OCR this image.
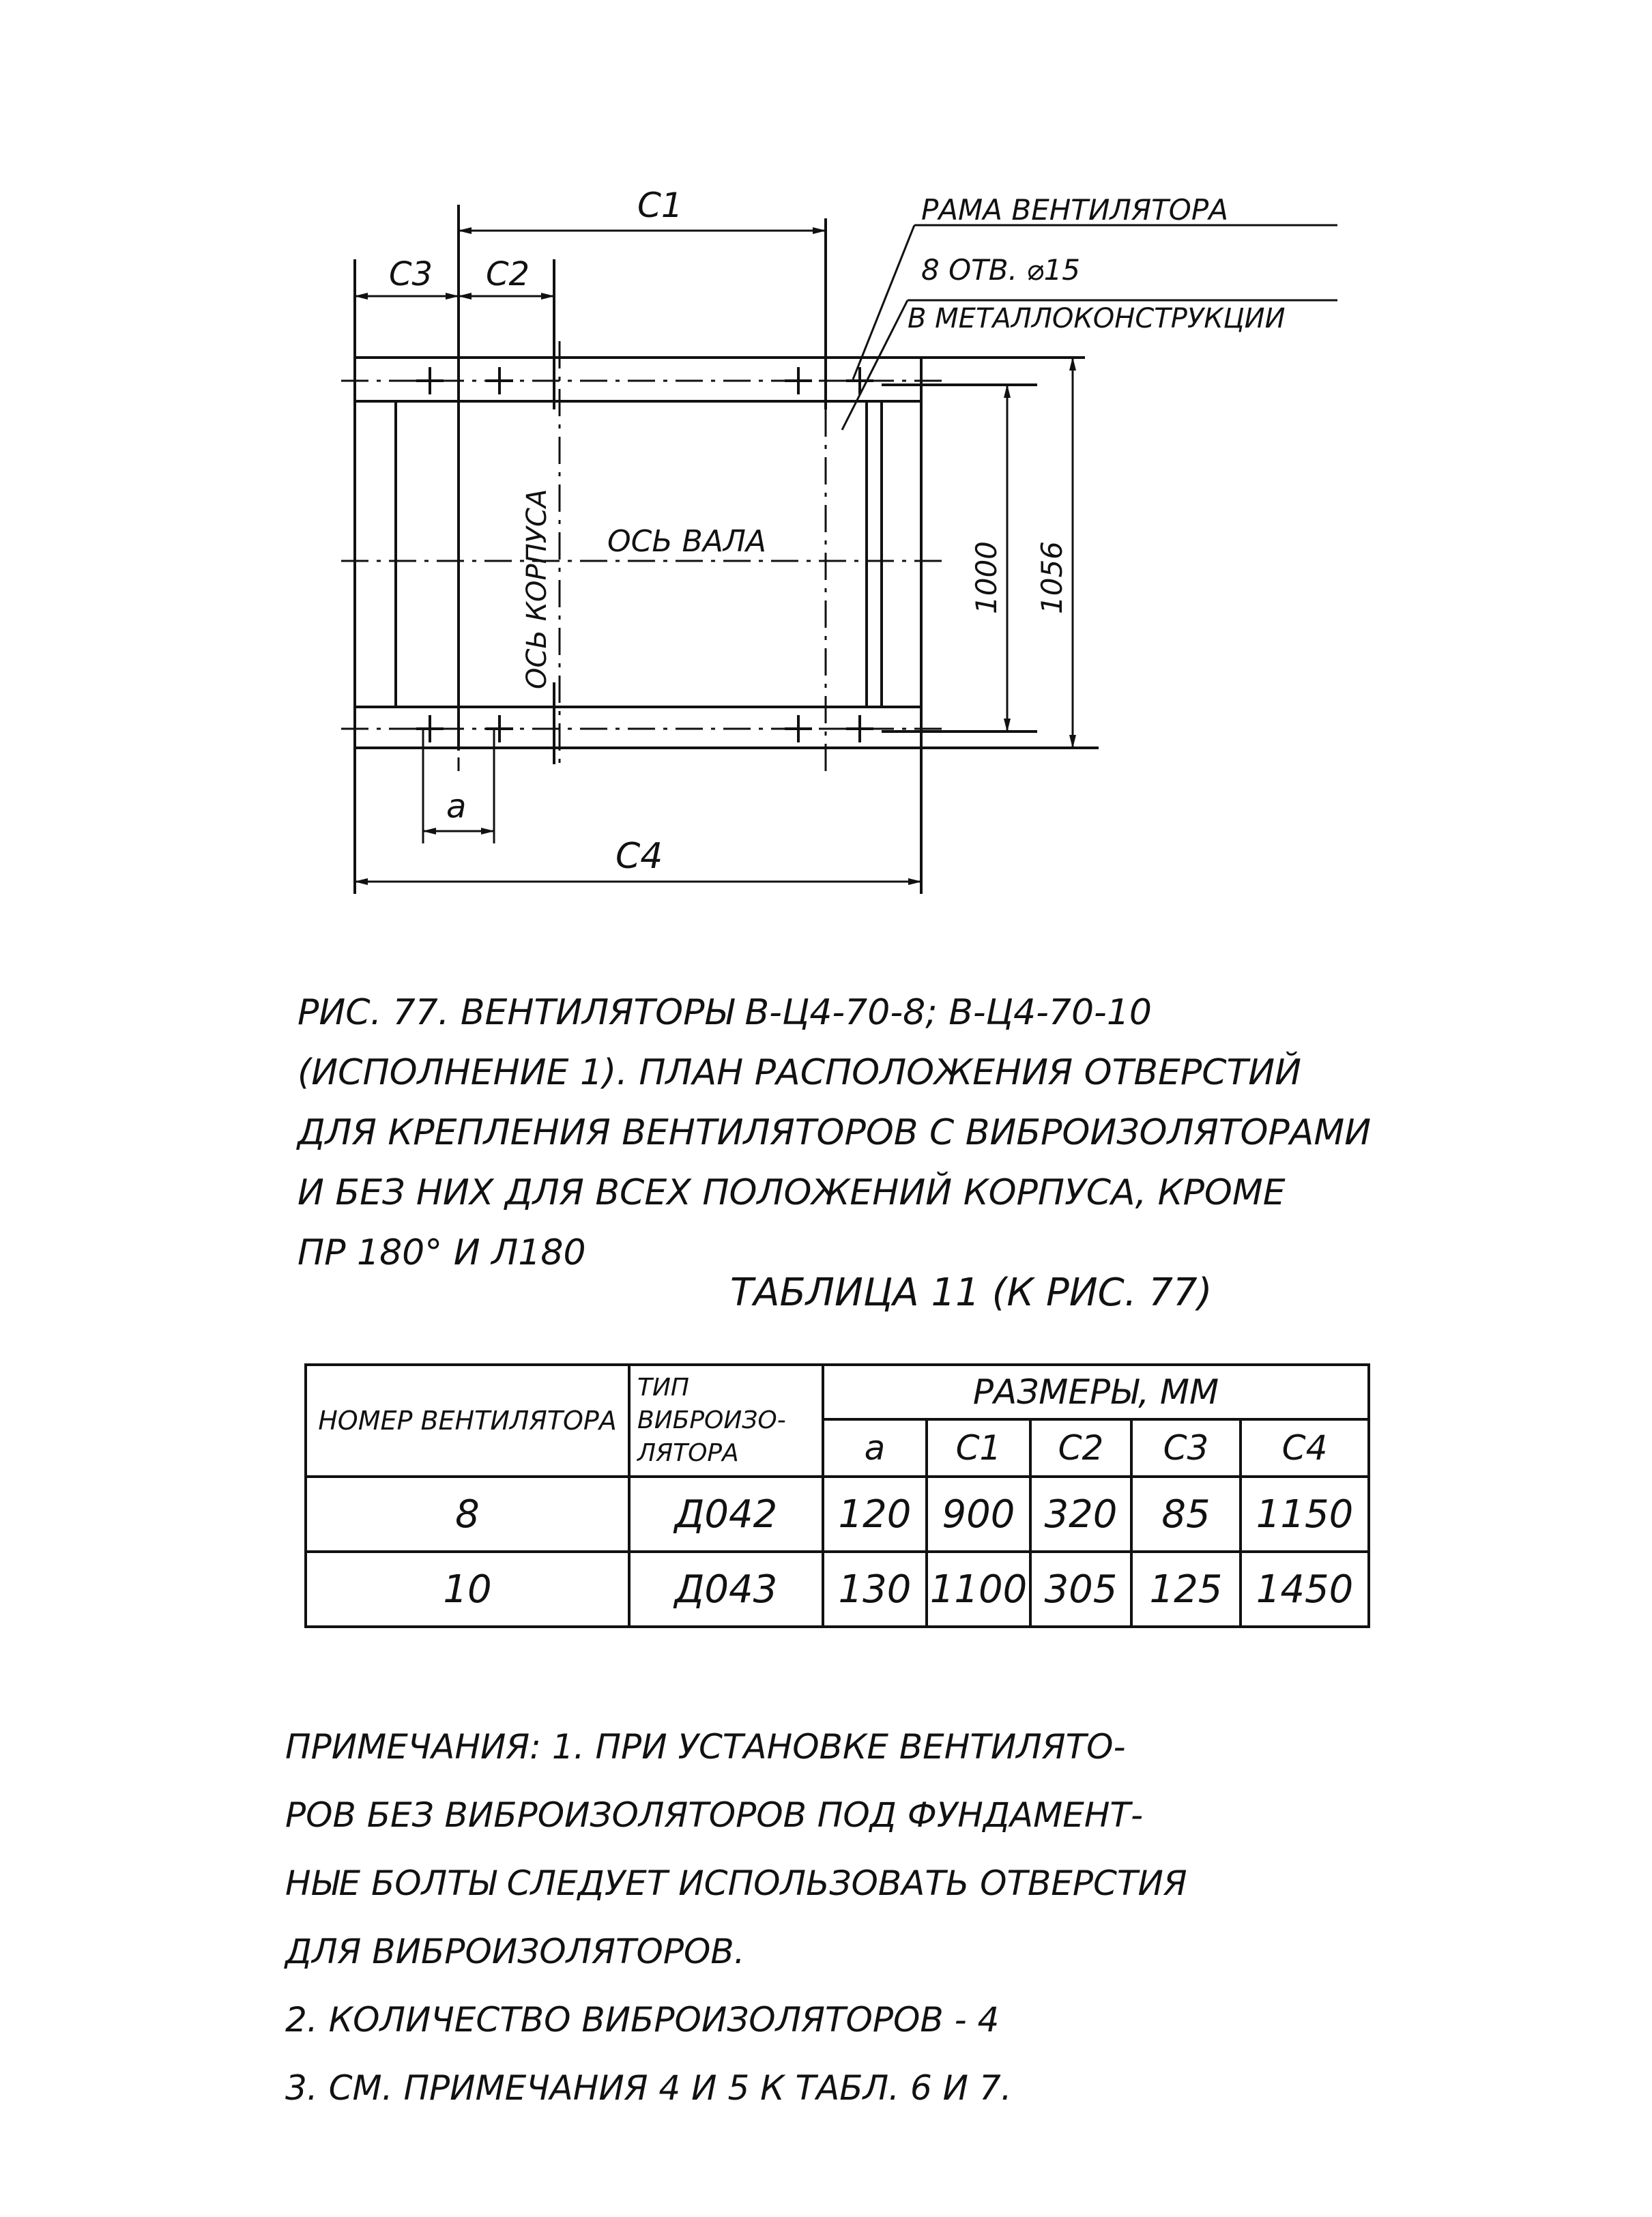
C1
C3 C2
C4
a
РАМА ВЕНТИЛЯТОРА
8 ОТВ. ⌀15
В МЕТАЛЛОКОНСТРУКЦИИ
ОСЬ ВАЛА
ОСЬ КОРПУСА	1000 1056

РИС. 77. ВЕНТИЛЯТОРЫ В-Ц4-70-8; В-Ц4-70-10

(ИСПОЛНЕНИЕ 1). ПЛАН РАСПОЛОЖЕНИЯ ОТВЕРСТИЙ

ДЛЯ КРЕПЛЕНИЯ ВЕНТИЛЯТОРОВ С ВИБРОИЗОЛЯТОРАМИ

И БЕЗ НИХ ДЛЯ ВСЕХ ПОЛОЖЕНИЙ КОРПУСА, КРОМЕ

ПР 180° И Л180

ТАБЛИЦА 11 (К РИС. 77)
НОМЕР ВЕНТИЛЯТОРА	ТИП ВИБРОИЗО-ЛЯТОРА	РАЗМЕРЫ, ММ				
		a	C1	C2	C3	C4
8	Д042	120	900	320	85	1150
10	Д043	130	1100	305	125	1450

ПРИМЕЧАНИЯ: 1. ПРИ УСТАНОВКЕ ВЕНТИЛЯТО-

РОВ БЕЗ ВИБРОИЗОЛЯТОРОВ ПОД ФУНДАМЕНТ-

НЫЕ БОЛТЫ СЛЕДУЕТ ИСПОЛЬЗОВАТЬ ОТВЕРСТИЯ

ДЛЯ ВИБРОИЗОЛЯТОРОВ.

2. КОЛИЧЕСТВО ВИБРОИЗОЛЯТОРОВ - 4

3. СМ. ПРИМЕЧАНИЯ 4 И 5 К ТАБЛ. 6 И 7.
